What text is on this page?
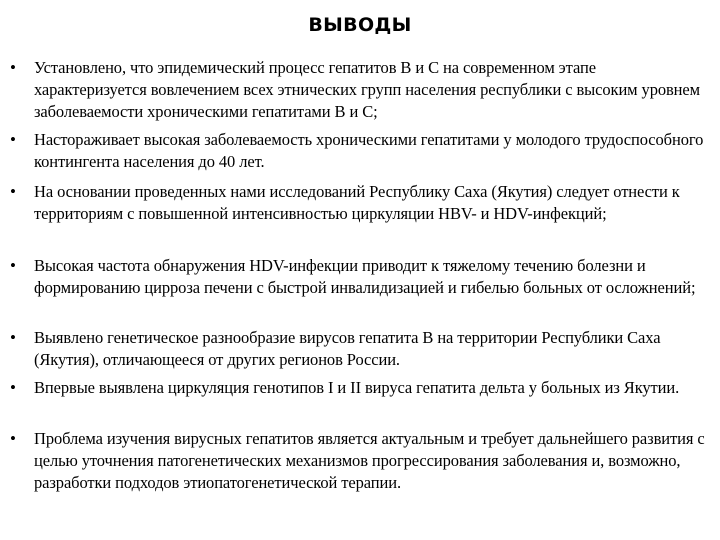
ВЫВОДЫ
• Установлено, что эпидемический процесс гепатитов В и С на современном этапе характеризуется вовлечением всех этнических групп населения республики с высоким уровнем заболеваемости хроническими гепатитами В и С;
• Настораживает высокая заболеваемость хроническими гепатитами у молодого трудоспособного контингента населения до 40 лет.
• На основании проведенных нами исследований Республику Саха (Якутия) следует отнести к территориям с повышенной интенсивностью циркуляции HBV- и HDV-инфекций;
• Высокая частота обнаружения HDV-инфекции приводит к тяжелому течению болезни и формированию цирроза печени с быстрой инвалидизацией и гибелью больных от осложнений;
• Выявлено генетическое разнообразие вирусов гепатита В на территории Республики Саха (Якутия), отличающееся от других регионов России.
• Впервые выявлена циркуляция генотипов I и II вируса гепатита дельта у больных из Якутии.
• Проблема изучения вирусных гепатитов является актуальным и требует дальнейшего развития с целью уточнения патогенетических механизмов прогрессирования заболевания и, возможно, разработки подходов этиопатогенетической терапии.
